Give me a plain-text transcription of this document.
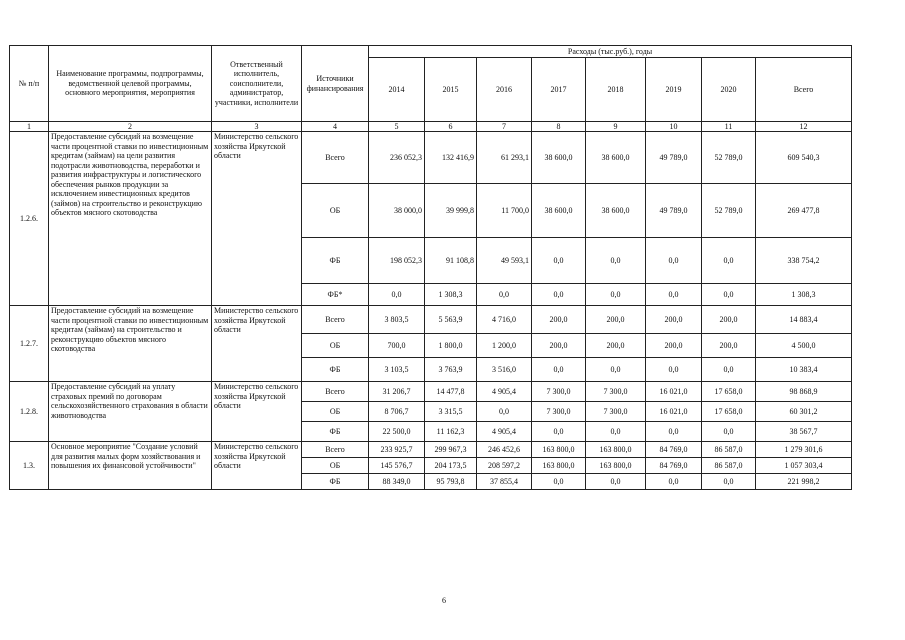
№ п/п	Наименование программы, подпрограммы, ведомственной целевой программы, основного мероприятия, мероприятия	Ответственный исполнитель, соисполнители, администратор, участники, исполнители	Источники финансирования	Расходы (тыс.руб.), годы							
				2014	2015	2016	2017	2018	2019	2020	Всего
1	2	3	4	5	6	7	8	9	10	11	12
1.2.6.	Предоставление субсидий на возмещение части процентной ставки по инвестиционным кредитам (займам) на цели развития подотрасли животноводства, переработки и развития инфраструктуры и логистического обеспечения рынков продукции за исключением инвестиционных кредитов (займов) на строительство и реконструкцию объектов мясного скотоводства	Министерство сельского хозяйства Иркутской области	Всего	236 052,3	132 416,9	61 293,1	38 600,0	38 600,0	49 789,0	52 789,0	609 540,3
			ОБ	38 000,0	39 999,8	11 700,0	38 600,0	38 600,0	49 789,0	52 789,0	269 477,8
			ФБ	198 052,3	91 108,8	49 593,1	0,0	0,0	0,0	0,0	338 754,2
			ФБ*	0,0	1 308,3	0,0	0,0	0,0	0,0	0,0	1 308,3
1.2.7.	Предоставление субсидий на возмещение части процентной ставки по инвестиционным кредитам (займам) на строительство и реконструкцию объектов мясного скотоводства	Министерство сельского хозяйства Иркутской области	Всего	3 803,5	5 563,9	4 716,0	200,0	200,0	200,0	200,0	14 883,4
			ОБ	700,0	1 800,0	1 200,0	200,0	200,0	200,0	200,0	4 500,0
			ФБ	3 103,5	3 763,9	3 516,0	0,0	0,0	0,0	0,0	10 383,4
1.2.8.	Предоставление субсидий на уплату страховых премий по договорам сельскохозяйственного страхования в области животноводства	Министерство сельского хозяйства Иркутской области	Всего	31 206,7	14 477,8	4 905,4	7 300,0	7 300,0	16 021,0	17 658,0	98 868,9
			ОБ	8 706,7	3 315,5	0,0	7 300,0	7 300,0	16 021,0	17 658,0	60 301,2
			ФБ	22 500,0	11 162,3	4 905,4	0,0	0,0	0,0	0,0	38 567,7
1.3.	Основное мероприятие "Создание условий для развития малых форм хозяйствования и повышения их финансовой устойчивости"	Министерство сельского хозяйства Иркутской области	Всего	233 925,7	299 967,3	246 452,6	163 800,0	163 800,0	84 769,0	86 587,0	1 279 301,6
			ОБ	145 576,7	204 173,5	208 597,2	163 800,0	163 800,0	84 769,0	86 587,0	1 057 303,4
			ФБ	88 349,0	95 793,8	37 855,4	0,0	0,0	0,0	0,0	221 998,2
6
